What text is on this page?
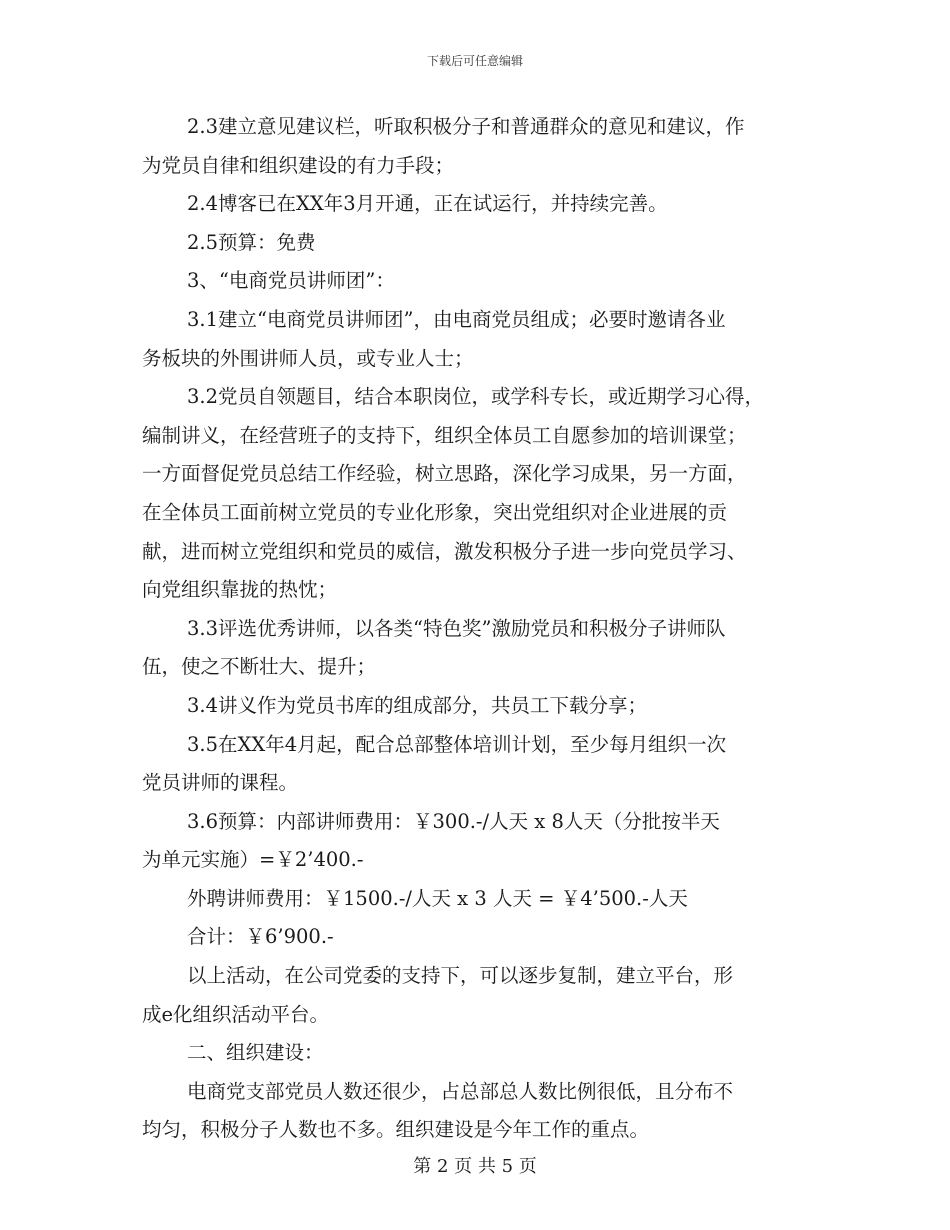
下载后可任意编辑

2.3建立意见建议栏，听取积极分子和普通群众的意见和建议，作

为党员自律和组织建设的有力手段；

2.4博客已在XX年3月开通，正在试运行，并持续完善。

2.5预算：免费

3、“电商党员讲师团”：

3.1建立“电商党员讲师团”，由电商党员组成；必要时邀请各业

务板块的外围讲师人员，或专业人士；

3.2党员自领题目，结合本职岗位，或学科专长，或近期学习心得，

编制讲义，在经营班子的支持下，组织全体员工自愿参加的培训课堂；

一方面督促党员总结工作经验，树立思路，深化学习成果，另一方面，

在全体员工面前树立党员的专业化形象，突出党组织对企业进展的贡

献，进而树立党组织和党员的威信，激发积极分子进一步向党员学习、

向党组织靠拢的热忱；

3.3评选优秀讲师，以各类“特色奖”激励党员和积极分子讲师队

伍，使之不断壮大、提升；

3.4讲义作为党员书库的组成部分，共员工下载分享；

3.5在XX年4月起，配合总部整体培训计划，至少每月组织一次

党员讲师的课程。

3.6预算：内部讲师费用：￥300.-/人天 x 8人天（分批按半天

为单元实施）=￥2’400.-

外聘讲师费用：￥1500.-/人天 x 3 人天 = ￥4’500.-人天

合计：￥6’900.-

以上活动，在公司党委的支持下，可以逐步复制，建立平台，形

成e化组织活动平台。

二、组织建设：

电商党支部党员人数还很少，占总部总人数比例很低，且分布不

均匀，积极分子人数也不多。组织建设是今年工作的重点。

第 2 页 共 5 页
